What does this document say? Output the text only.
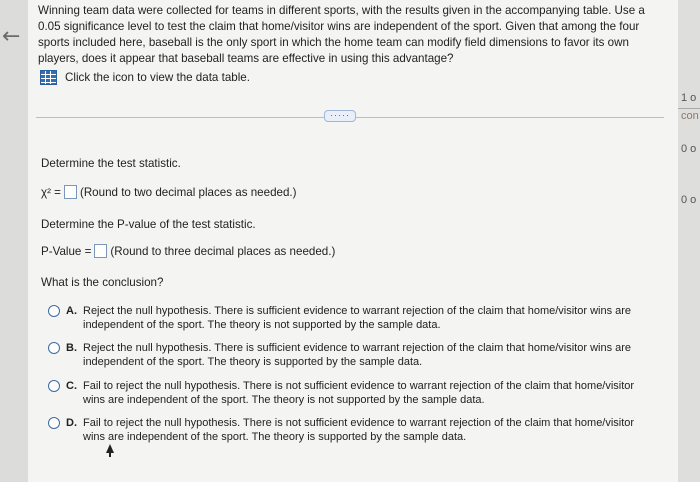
←
Winning team data were collected for teams in different sports, with the results given in the accompanying table. Use a 0.05 significance level to test the claim that home/visitor wins are independent of the sport. Given that among the four sports included here, baseball is the only sport in which the home team can modify field dimensions to favor its own players, does it appear that baseball teams are effective in using this advantage?
Click the icon to view the data table.
·····
Determine the test statistic.
χ² = (Round to two decimal places as needed.)
Determine the P-value of the test statistic.
P-Value = (Round to three decimal places as needed.)
What is the conclusion?
A. Reject the null hypothesis. There is sufficient evidence to warrant rejection of the claim that home/visitor wins are independent of the sport. The theory is not supported by the sample data.
B. Reject the null hypothesis. There is sufficient evidence to warrant rejection of the claim that home/visitor wins are independent of the sport. The theory is supported by the sample data.
C. Fail to reject the null hypothesis. There is not sufficient evidence to warrant rejection of the claim that home/visitor wins are independent of the sport. The theory is not supported by the sample data.
D. Fail to reject the null hypothesis. There is not sufficient evidence to warrant rejection of the claim that home/visitor wins are independent of the sport. The theory is supported by the sample data.
1 o
con
0 o
0 o
